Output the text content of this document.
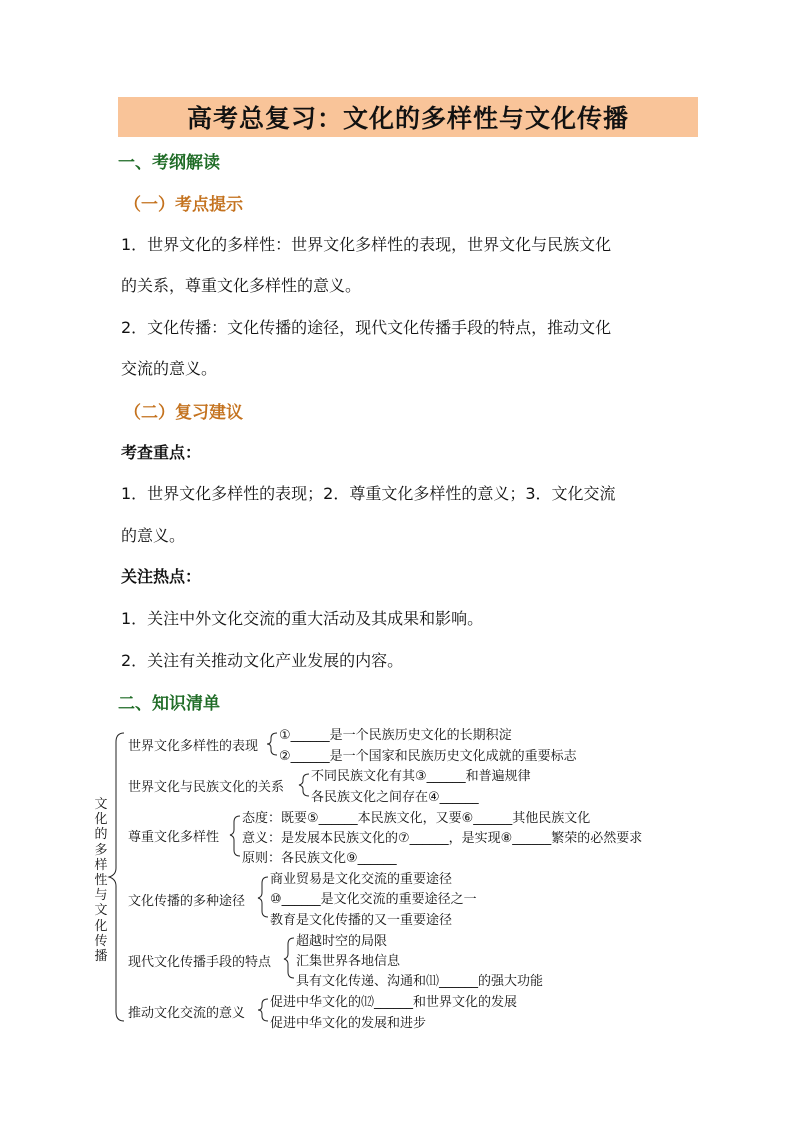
高考总复习：文化的多样性与文化传播
一、考纲解读
（一）考点提示
1．世界文化的多样性：世界文化多样性的表现，世界文化与民族文化
的关系，尊重文化多样性的意义。
2．文化传播：文化传播的途径，现代文化传播手段的特点，推动文化
交流的意义。
（二）复习建议
考查重点：
1．世界文化多样性的表现；2．尊重文化多样性的意义；3．文化交流
的意义。
关注热点：
1．关注中外文化交流的重大活动及其成果和影响。
2．关注有关推动文化产业发展的内容。
二、知识清单
文化的多样性与文化传播
世界文化多样性的表现
①______是一个民族历史文化的长期积淀
②______是一个国家和民族历史文化成就的重要标志
世界文化与民族文化的关系
不同民族文化有其③______和普遍规律
各民族文化之间存在④______
尊重文化多样性
态度：既要⑤______本民族文化，又要⑥______其他民族文化
意义：是发展本民族文化的⑦______，是实现⑧______繁荣的必然要求
原则：各民族文化⑨______
文化传播的多种途径
商业贸易是文化交流的重要途径
⑩______是文化交流的重要途径之一
教育是文化传播的又一重要途径
现代文化传播手段的特点
超越时空的局限
汇集世界各地信息
具有文化传递、沟通和⑾______的强大功能
推动文化交流的意义
促进中华文化的⑿______和世界文化的发展
促进中华文化的发展和进步
